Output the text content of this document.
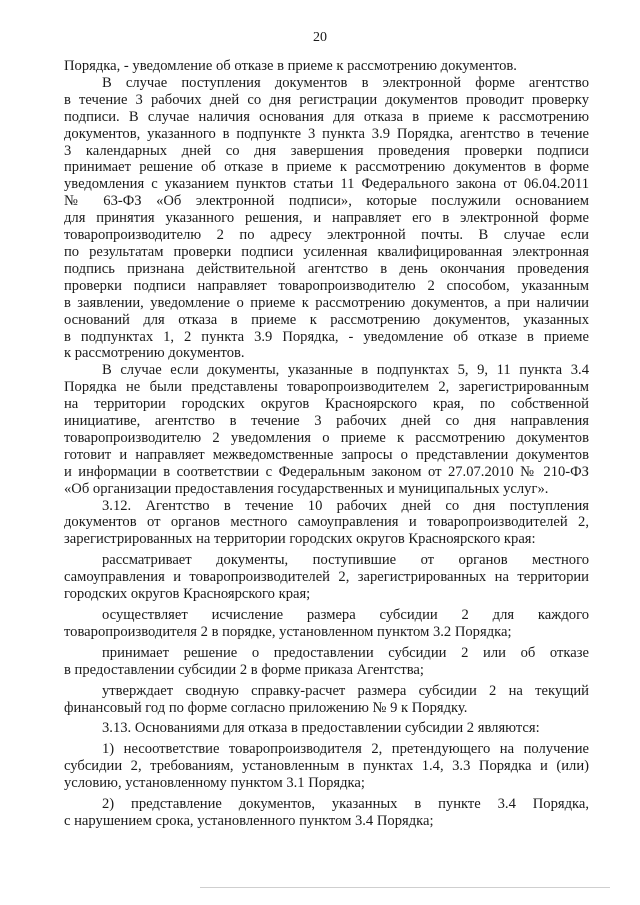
20
Порядка, - уведомление об отказе в приеме к рассмотрению документов.
В случае поступления документов в электронной форме агентство
в течение 3 рабочих дней со дня регистрации документов проводит проверку
подписи. В случае наличия основания для отказа в приеме к рассмотрению
документов, указанного в подпункте 3 пункта 3.9 Порядка, агентство в течение
3 календарных дней со дня завершения проведения проверки подписи
принимает решение об отказе в приеме к рассмотрению документов в форме
уведомления с указанием пунктов статьи 11 Федерального закона от 06.04.2011
№ 63-ФЗ «Об электронной подписи», которые послужили основанием
для принятия указанного решения, и направляет его в электронной форме
товаропроизводителю 2 по адресу электронной почты. В случае если
по результатам проверки подписи усиленная квалифицированная электронная
подпись признана действительной агентство в день окончания проведения
проверки подписи направляет товаропроизводителю 2 способом, указанным
в заявлении, уведомление о приеме к рассмотрению документов, а при наличии
оснований для отказа в приеме к рассмотрению документов, указанных
в подпунктах 1, 2 пункта 3.9 Порядка, - уведомление об отказе в приеме
к рассмотрению документов.
В случае если документы, указанные в подпунктах 5, 9, 11 пункта 3.4
Порядка не были представлены товаропроизводителем 2, зарегистрированным
на территории городских округов Красноярского края, по собственной
инициативе, агентство в течение 3 рабочих дней со дня направления
товаропроизводителю 2 уведомления о приеме к рассмотрению документов
готовит и направляет межведомственные запросы о представлении документов
и информации в соответствии с Федеральным законом от 27.07.2010 № 210-ФЗ
«Об организации предоставления государственных и муниципальных услуг».
3.12. Агентство в течение 10 рабочих дней со дня поступления
документов от органов местного самоуправления и товаропроизводителей 2,
зарегистрированных на территории городских округов Красноярского края:
рассматривает документы, поступившие от органов местного
самоуправления и товаропроизводителей 2, зарегистрированных на территории
городских округов Красноярского края;
осуществляет исчисление размера субсидии 2 для каждого
товаропроизводителя 2 в порядке, установленном пунктом 3.2 Порядка;
принимает решение о предоставлении субсидии 2 или об отказе
в предоставлении субсидии 2 в форме приказа Агентства;
утверждает сводную справку-расчет размера субсидии 2 на текущий
финансовый год по форме согласно приложению № 9 к Порядку.
3.13. Основаниями для отказа в предоставлении субсидии 2 являются:
1) несоответствие товаропроизводителя 2, претендующего на получение
субсидии 2, требованиям, установленным в пунктах 1.4, 3.3 Порядка и (или)
условию, установленному пунктом 3.1 Порядка;
2) представление документов, указанных в пункте 3.4 Порядка,
с нарушением срока, установленного пунктом 3.4 Порядка;
